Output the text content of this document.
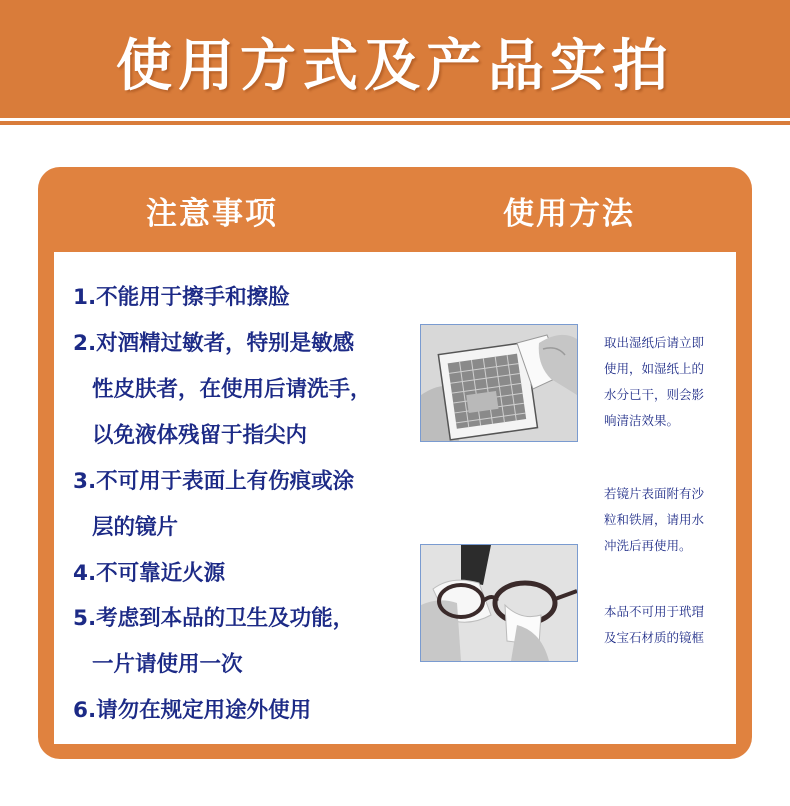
使用方式及产品实拍
注意事项	使用方法
1.不能用于擦手和擦脸
2.对酒精过敏者，特别是敏感
性皮肤者，在使用后请洗手，
以免液体残留于指尖内
3.不可用于表面上有伤痕或涂
层的镜片
4.不可靠近火源
5.考虑到本品的卫生及功能，
一片请使用一次
6.请勿在规定用途外使用
取出湿纸后请立即
使用，如湿纸上的
水分已干，则会影
响清洁效果。
若镜片表面附有沙
粒和铁屑，请用水
冲洗后再使用。
本品不可用于玳瑁
及宝石材质的镜框
